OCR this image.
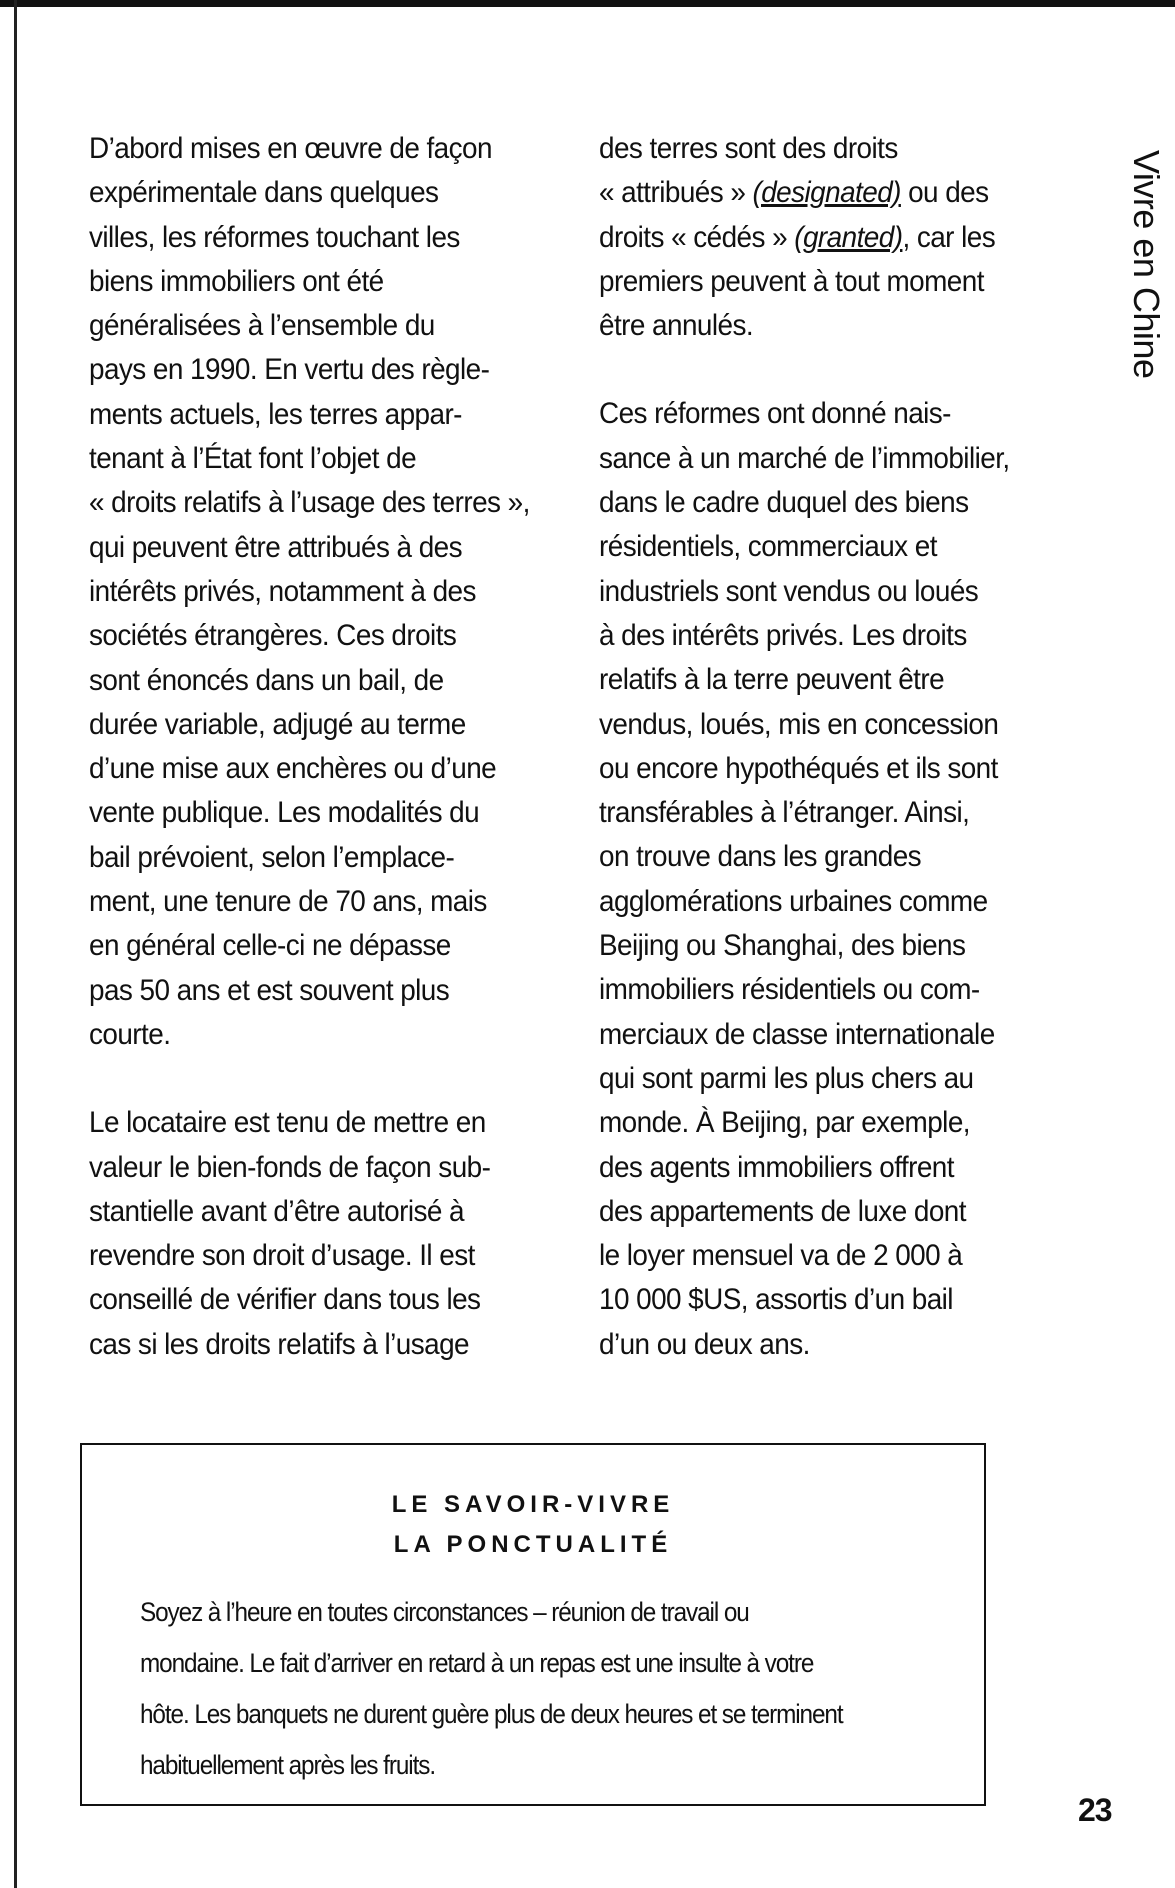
D’abord mises en œuvre de façon
expérimentale dans quelques
villes, les réformes touchant les
biens immobiliers ont été
généralisées à l’ensemble du
pays en 1990. En vertu des règle-
ments actuels, les terres appar-
tenant à l’État font l’objet de
« droits relatifs à l’usage des terres »,
qui peuvent être attribués à des
intérêts privés, notamment à des
sociétés étrangères. Ces droits
sont énoncés dans un bail, de
durée variable, adjugé au terme
d’une mise aux enchères ou d’une
vente publique. Les modalités du
bail prévoient, selon l’emplace-
ment, une tenure de 70 ans, mais
en général celle-ci ne dépasse
pas 50 ans et est souvent plus
courte.

Le locataire est tenu de mettre en
valeur le bien-fonds de façon sub-
stantielle avant d’être autorisé à
revendre son droit d’usage. Il est
conseillé de vérifier dans tous les
cas si les droits relatifs à l’usage

des terres sont des droits
« attribués » (designated) ou des
droits « cédés » (granted), car les
premiers peuvent à tout moment
être annulés.

Ces réformes ont donné nais-
sance à un marché de l’immobilier,
dans le cadre duquel des biens
résidentiels, commerciaux et
industriels sont vendus ou loués
à des intérêts privés. Les droits
relatifs à la terre peuvent être
vendus, loués, mis en concession
ou encore hypothéqués et ils sont
transférables à l’étranger. Ainsi,
on trouve dans les grandes
agglomérations urbaines comme
Beijing ou Shanghai, des biens
immobiliers résidentiels ou com-
merciaux de classe internationale
qui sont parmi les plus chers au
monde. À Beijing, par exemple,
des agents immobiliers offrent
des appartements de luxe dont
le loyer mensuel va de 2 000 à
10 000 $US, assortis d’un bail
d’un ou deux ans.

Vivre en Chine
23
LE SAVOIR-VIVRE
LA PONCTUALITÉ
Soyez à l’heure en toutes circonstances – réunion de travail ou
mondaine. Le fait d’arriver en retard à un repas est une insulte à votre
hôte. Les banquets ne durent guère plus de deux heures et se terminent
habituellement après les fruits.
